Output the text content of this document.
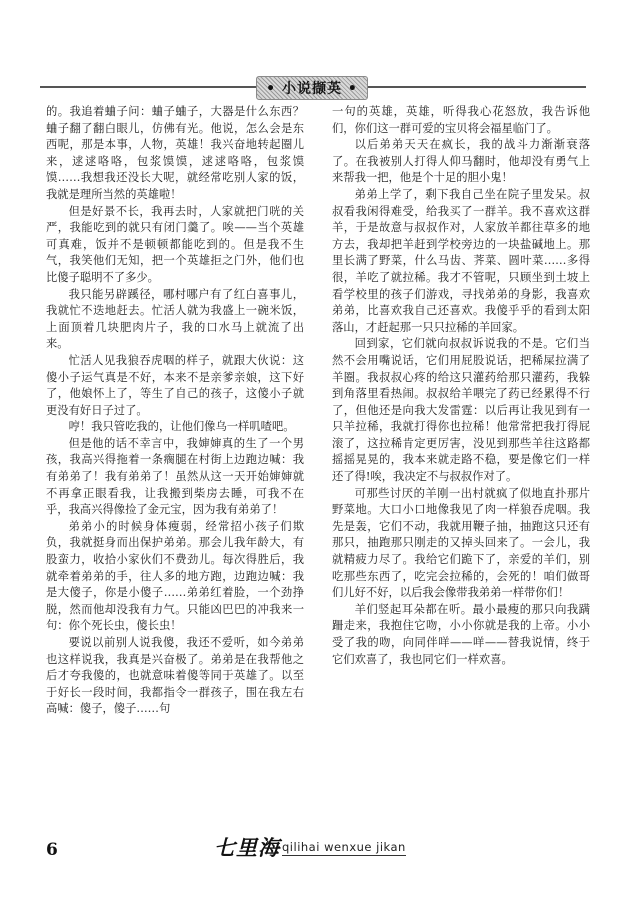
• 小说撷英 •

的。我追着蛐子问：蛐子蛐子，大器是什么东西？蛐子翻了翻白眼儿，仿佛有光。他说，怎么会是东西呢，那是本事，人物，英雄！我兴奋地转起圈儿来，逑逑咯咯，包浆馍馍，逑逑咯咯，包浆馍馍……我想我还没长大呢，就经常吃别人家的饭，我就是理所当然的英雄啦！

但是好景不长，我再去时，人家就把门咣的关严，我能吃到的就只有闭门羹了。唉——当个英雄可真难，饭并不是顿顿都能吃到的。但是我不生气，我笑他们无知，把一个英雄拒之门外，他们也比傻子聪明不了多少。

我只能另辟蹊径，哪村哪户有了红白喜事儿，我就忙不迭地赶去。忙活人就为我盛上一碗米饭，上面顶着几块肥肉片子，我的口水马上就流了出来。

忙活人见我狼吞虎咽的样子，就跟大伙说：这傻小子运气真是不好，本来不是亲爹亲娘，这下好了，他娘怀上了，等生了自己的孩子，这傻小子就更没有好日子过了。

哼！我只管吃我的，让他们像乌一样叽喳吧。

但是他的话不幸言中，我婶婶真的生了一个男孩，我高兴得拖着一条瘸腿在村街上边跑边喊：我有弟弟了！我有弟弟了！虽然从这一天开始婶婶就不再拿正眼看我，让我搬到柴房去睡，可我不在乎，我高兴得像捡了金元宝，因为我有弟弟了！

弟弟小的时候身体瘦弱，经常招小孩子们欺负，我就挺身而出保护弟弟。那会儿我年龄大，有股蛮力，收拾小家伙们不费劲儿。每次得胜后，我就牵着弟弟的手，往人多的地方跑，边跑边喊：我是大傻子，你是小傻子……弟弟红着脸，一个劲挣脱，然而他却没我有力气。只能凶巴巴的冲我来一句：你个死长虫，傻长虫！

要说以前别人说我傻，我还不爱听，如今弟弟也这样说我，我真是兴奋极了。弟弟是在我帮他之后才夸我傻的，也就意味着傻等同于英雄了。以至于好长一段时间，我都指令一群孩子，围在我左右高喊：傻子，傻子……句

一句的英雄，英雄，听得我心花怒放，我告诉他们，你们这一群可爱的宝贝将会福星临门了。

以后弟弟天天在疯长，我的战斗力渐渐衰落了。在我被别人打得人仰马翻时，他却没有勇气上来帮我一把，他是个十足的胆小鬼！

弟弟上学了，剩下我自己坐在院子里发呆。叔叔看我闲得难受，给我买了一群羊。我不喜欢这群羊，于是故意与叔叔作对，人家放羊都往草多的地方去，我却把羊赶到学校旁边的一块盐碱地上。那里长满了野菜，什么马齿、荠菜、圆叶菜……多得很，羊吃了就拉稀。我才不管呢，只顾坐到土坡上看学校里的孩子们游戏，寻找弟弟的身影，我喜欢弟弟，比喜欢我自己还喜欢。我傻乎乎的看到太阳落山，才赶起那一只只拉稀的羊回家。

回到家，它们就向叔叔诉说我的不是。它们当然不会用嘴说话，它们用屁股说话，把稀屎拉满了羊圈。我叔叔心疼的给这只灌药给那只灌药，我躲到角落里看热闹。叔叔给羊喂完了药已经累得不行了，但他还是向我大发雷霆：以后再让我见到有一只羊拉稀，我就打得你也拉稀！他常常把我打得屁滚了，这拉稀肯定更厉害，没见到那些羊往这路都摇摇晃晃的，我本来就走路不稳，要是像它们一样还了得!唉，我决定不与叔叔作对了。

可那些讨厌的羊刚一出村就疯了似地直扑那片野菜地。大口小口地像我见了肉一样狼吞虎咽。我先是轰，它们不动，我就用鞭子抽，抽跑这只还有那只，抽跑那只刚走的又掉头回来了。一会儿，我就精疲力尽了。我给它们跪下了，亲爱的羊们，别吃那些东西了，吃完会拉稀的，会死的！咱们做哥们儿好不好，以后我会像带我弟弟一样带你们！

羊们竖起耳朵都在听。最小最瘦的那只向我蹒跚走来，我抱住它吻，小小你就是我的上帝。小小受了我的吻，向同伴咩——咩——替我说情，终于它们欢喜了，我也同它们一样欢喜。

6	七里海 qilihai wenxue jikan
